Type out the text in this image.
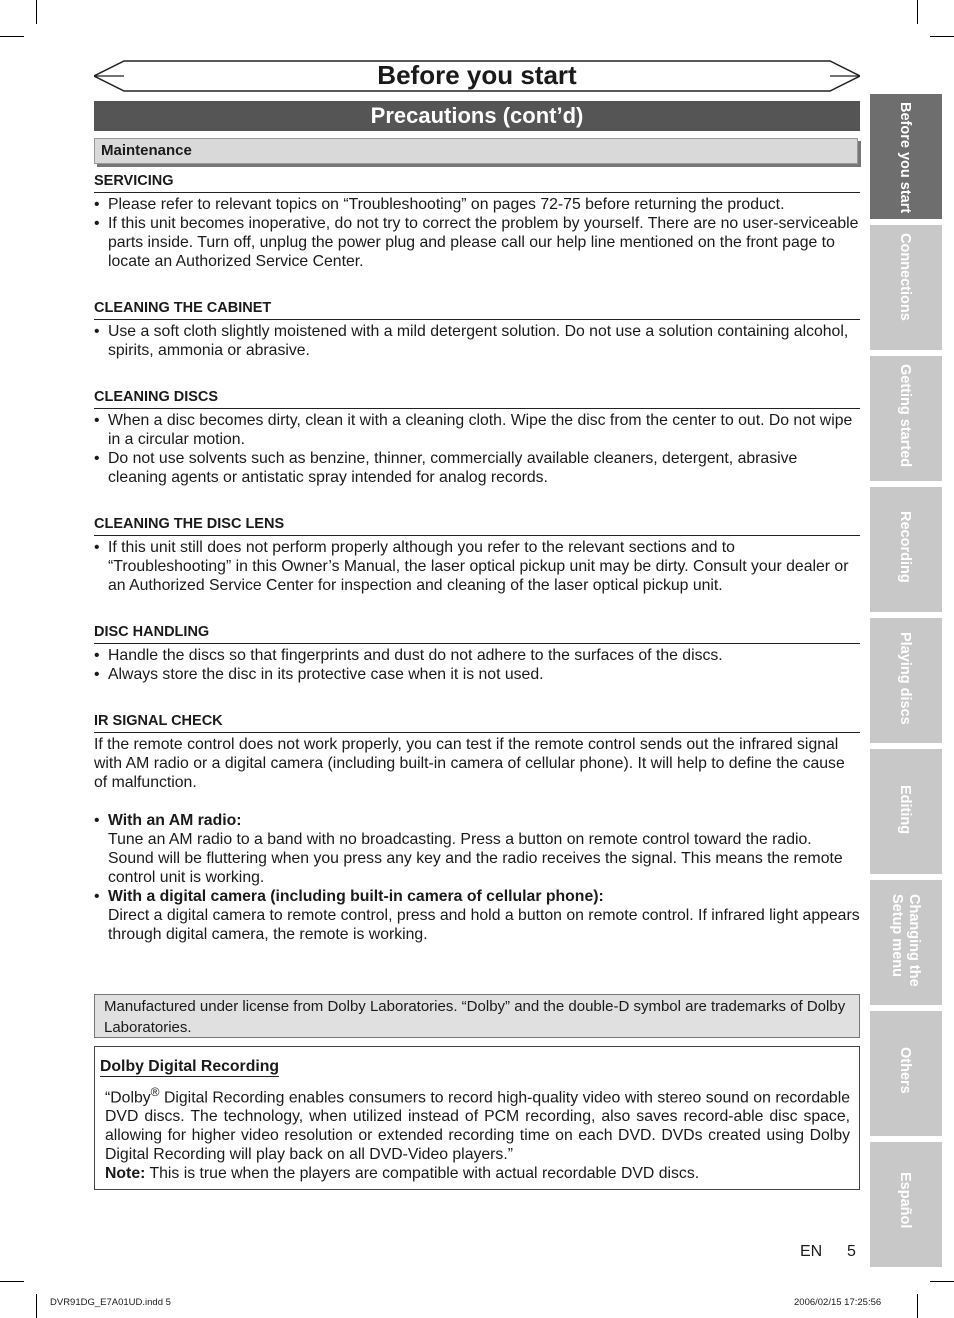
Before you start
Precautions (cont’d)
Maintenance
SERVICING
• Please refer to relevant topics on “Troubleshooting” on pages 72-75 before returning the product.
• If this unit becomes inoperative, do not try to correct the problem by yourself. There are no user-serviceable parts inside. Turn off, unplug the power plug and please call our help line mentioned on the front page to locate an Authorized Service Center.
CLEANING THE CABINET
• Use a soft cloth slightly moistened with a mild detergent solution. Do not use a solution containing alcohol, spirits, ammonia or abrasive.
CLEANING DISCS
• When a disc becomes dirty, clean it with a cleaning cloth. Wipe the disc from the center to out. Do not wipe in a circular motion.
• Do not use solvents such as benzine, thinner, commercially available cleaners, detergent, abrasive cleaning agents or antistatic spray intended for analog records.
CLEANING THE DISC LENS
• If this unit still does not perform properly although you refer to the relevant sections and to “Troubleshooting” in this Owner’s Manual, the laser optical pickup unit may be dirty. Consult your dealer or an Authorized Service Center for inspection and cleaning of the laser optical pickup unit.
DISC HANDLING
• Handle the discs so that fingerprints and dust do not adhere to the surfaces of the discs.
• Always store the disc in its protective case when it is not used.
IR SIGNAL CHECK
If the remote control does not work properly, you can test if the remote control sends out the infrared signal with AM radio or a digital camera (including built-in camera of cellular phone). It will help to define the cause of malfunction.
• With an AM radio:
Tune an AM radio to a band with no broadcasting. Press a button on remote control toward the radio. Sound will be fluttering when you press any key and the radio receives the signal. This means the remote control unit is working.
• With a digital camera (including built-in camera of cellular phone):
Direct a digital camera to remote control, press and hold a button on remote control. If infrared light appears through digital camera, the remote is working.
Manufactured under license from Dolby Laboratories. “Dolby” and the double-D symbol are trademarks of Dolby Laboratories.
Dolby Digital Recording
“Dolby® Digital Recording enables consumers to record high-quality video with stereo sound on recordable DVD discs. The technology, when utilized instead of PCM recording, also saves record-able disc space, allowing for higher video resolution or extended recording time on each DVD. DVDs created using Dolby Digital Recording will play back on all DVD-Video players.”
Note: This is true when the players are compatible with actual recordable DVD discs.
Before you start
Connections
Getting started
Recording
Playing discs
Editing
Changing the
Setup menu
Others
Español
EN 5
DVR91DG_E7A01UD.indd 5	2006/02/15 17:25:56
